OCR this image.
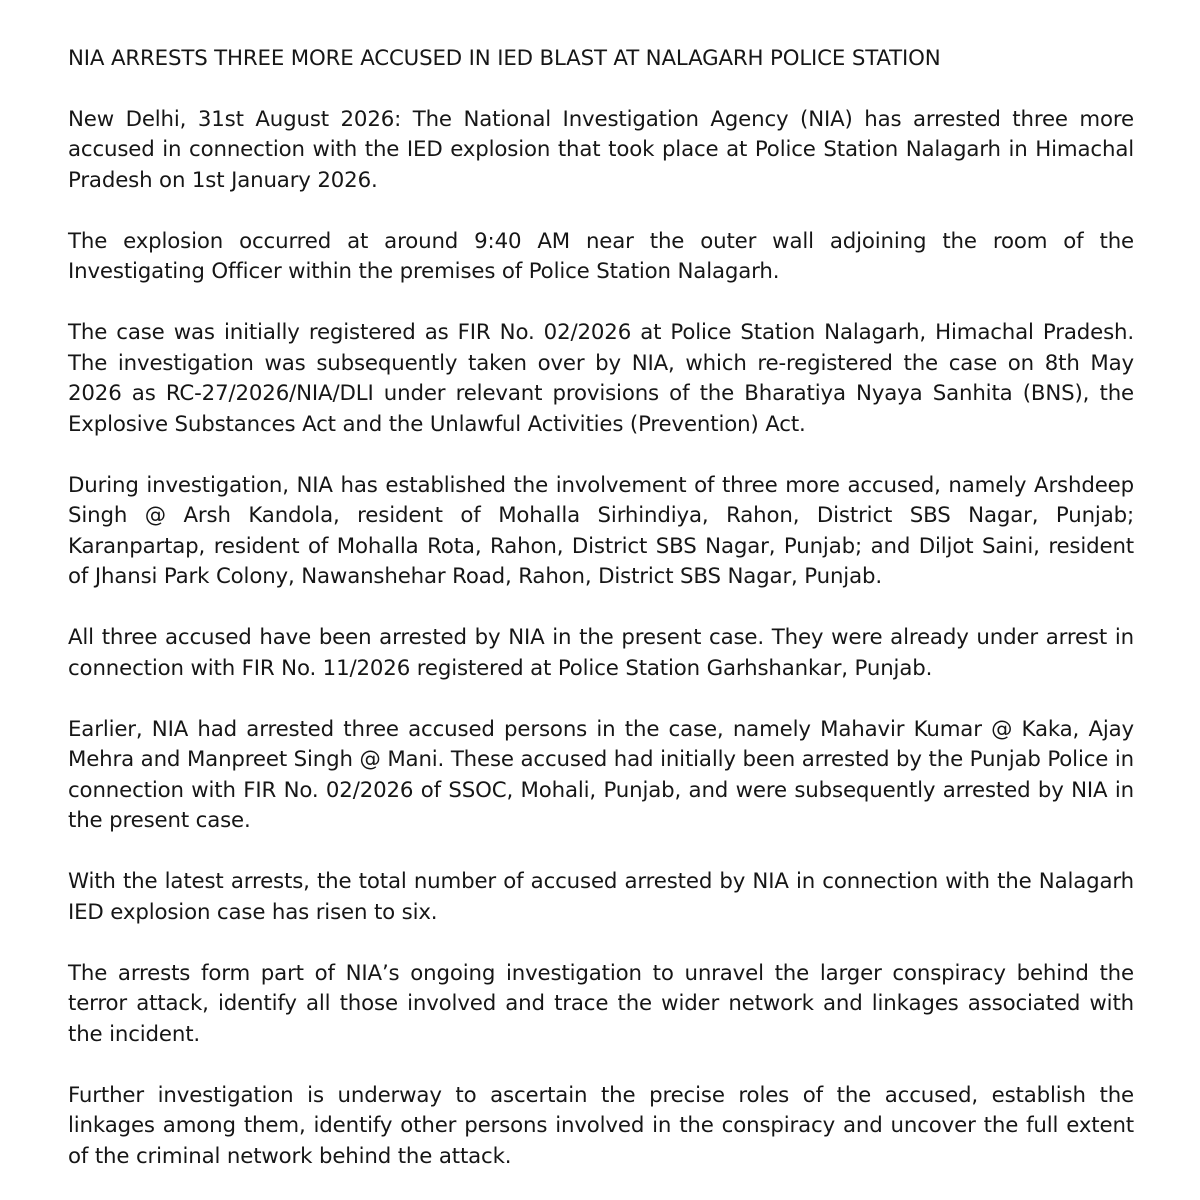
NIA ARRESTS THREE MORE ACCUSED IN IED BLAST AT NALAGARH POLICE STATION

New Delhi, 31st August 2026: The National Investigation Agency (NIA) has arrested three more accused in connection with the IED explosion that took place at Police Station Nalagarh in Himachal Pradesh on 1st January 2026.

The explosion occurred at around 9:40 AM near the outer wall adjoining the room of the Investigating Officer within the premises of Police Station Nalagarh.

The case was initially registered as FIR No. 02/2026 at Police Station Nalagarh, Himachal Pradesh. The investigation was subsequently taken over by NIA, which re-registered the case on 8th May 2026 as RC-27/2026/NIA/DLI under relevant provisions of the Bharatiya Nyaya Sanhita (BNS), the Explosive Substances Act and the Unlawful Activities (Prevention) Act.

During investigation, NIA has established the involvement of three more accused, namely Arshdeep Singh @ Arsh Kandola, resident of Mohalla Sirhindiya, Rahon, District SBS Nagar, Punjab; Karanpartap, resident of Mohalla Rota, Rahon, District SBS Nagar, Punjab; and Diljot Saini, resident of Jhansi Park Colony, Nawanshehar Road, Rahon, District SBS Nagar, Punjab.

All three accused have been arrested by NIA in the present case. They were already under arrest in connection with FIR No. 11/2026 registered at Police Station Garhshankar, Punjab.

Earlier, NIA had arrested three accused persons in the case, namely Mahavir Kumar @ Kaka, Ajay Mehra and Manpreet Singh @ Mani. These accused had initially been arrested by the Punjab Police in connection with FIR No. 02/2026 of SSOC, Mohali, Punjab, and were subsequently arrested by NIA in the present case.

With the latest arrests, the total number of accused arrested by NIA in connection with the Nalagarh IED explosion case has risen to six.

The arrests form part of NIA’s ongoing investigation to unravel the larger conspiracy behind the terror attack, identify all those involved and trace the wider network and linkages associated with the incident.

Further investigation is underway to ascertain the precise roles of the accused, establish the linkages among them, identify other persons involved in the conspiracy and uncover the full extent of the criminal network behind the attack.
